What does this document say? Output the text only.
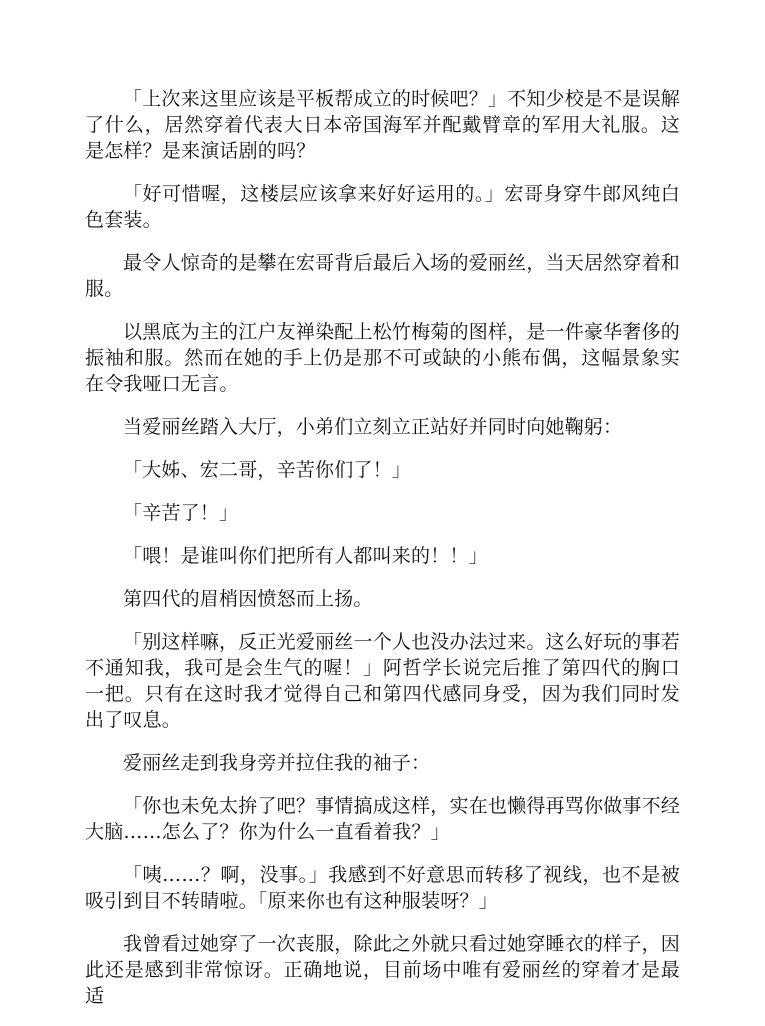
「上次来这里应该是平板帮成立的时候吧？」不知少校是不是误解了什么，居然穿着代表大日本帝国海军并配戴臂章的军用大礼服。这是怎样？是来演话剧的吗？

「好可惜喔，这楼层应该拿来好好运用的。」宏哥身穿牛郎风纯白色套装。

最令人惊奇的是攀在宏哥背后最后入场的爱丽丝，当天居然穿着和服。

以黑底为主的江户友禅染配上松竹梅菊的图样，是一件豪华奢侈的振袖和服。然而在她的手上仍是那不可或缺的小熊布偶，这幅景象实在令我哑口无言。

当爱丽丝踏入大厅，小弟们立刻立正站好并同时向她鞠躬：

「大姊、宏二哥，辛苦你们了！」

「辛苦了！」

「喂！是谁叫你们把所有人都叫来的！！」

第四代的眉梢因愤怒而上扬。

「别这样嘛，反正光爱丽丝一个人也没办法过来。这么好玩的事若不通知我，我可是会生气的喔！」阿哲学长说完后推了第四代的胸口一把。只有在这时我才觉得自己和第四代感同身受，因为我们同时发出了叹息。

爱丽丝走到我身旁并拉住我的袖子：

「你也未免太拚了吧？事情搞成这样，实在也懒得再骂你做事不经大脑……怎么了？你为什么一直看着我？」

「咦……？啊，没事。」我感到不好意思而转移了视线，也不是被吸引到目不转睛啦。「原来你也有这种服装呀？」

我曾看过她穿了一次丧服，除此之外就只看过她穿睡衣的样子，因此还是感到非常惊讶。正确地说，目前场中唯有爱丽丝的穿着才是最适
